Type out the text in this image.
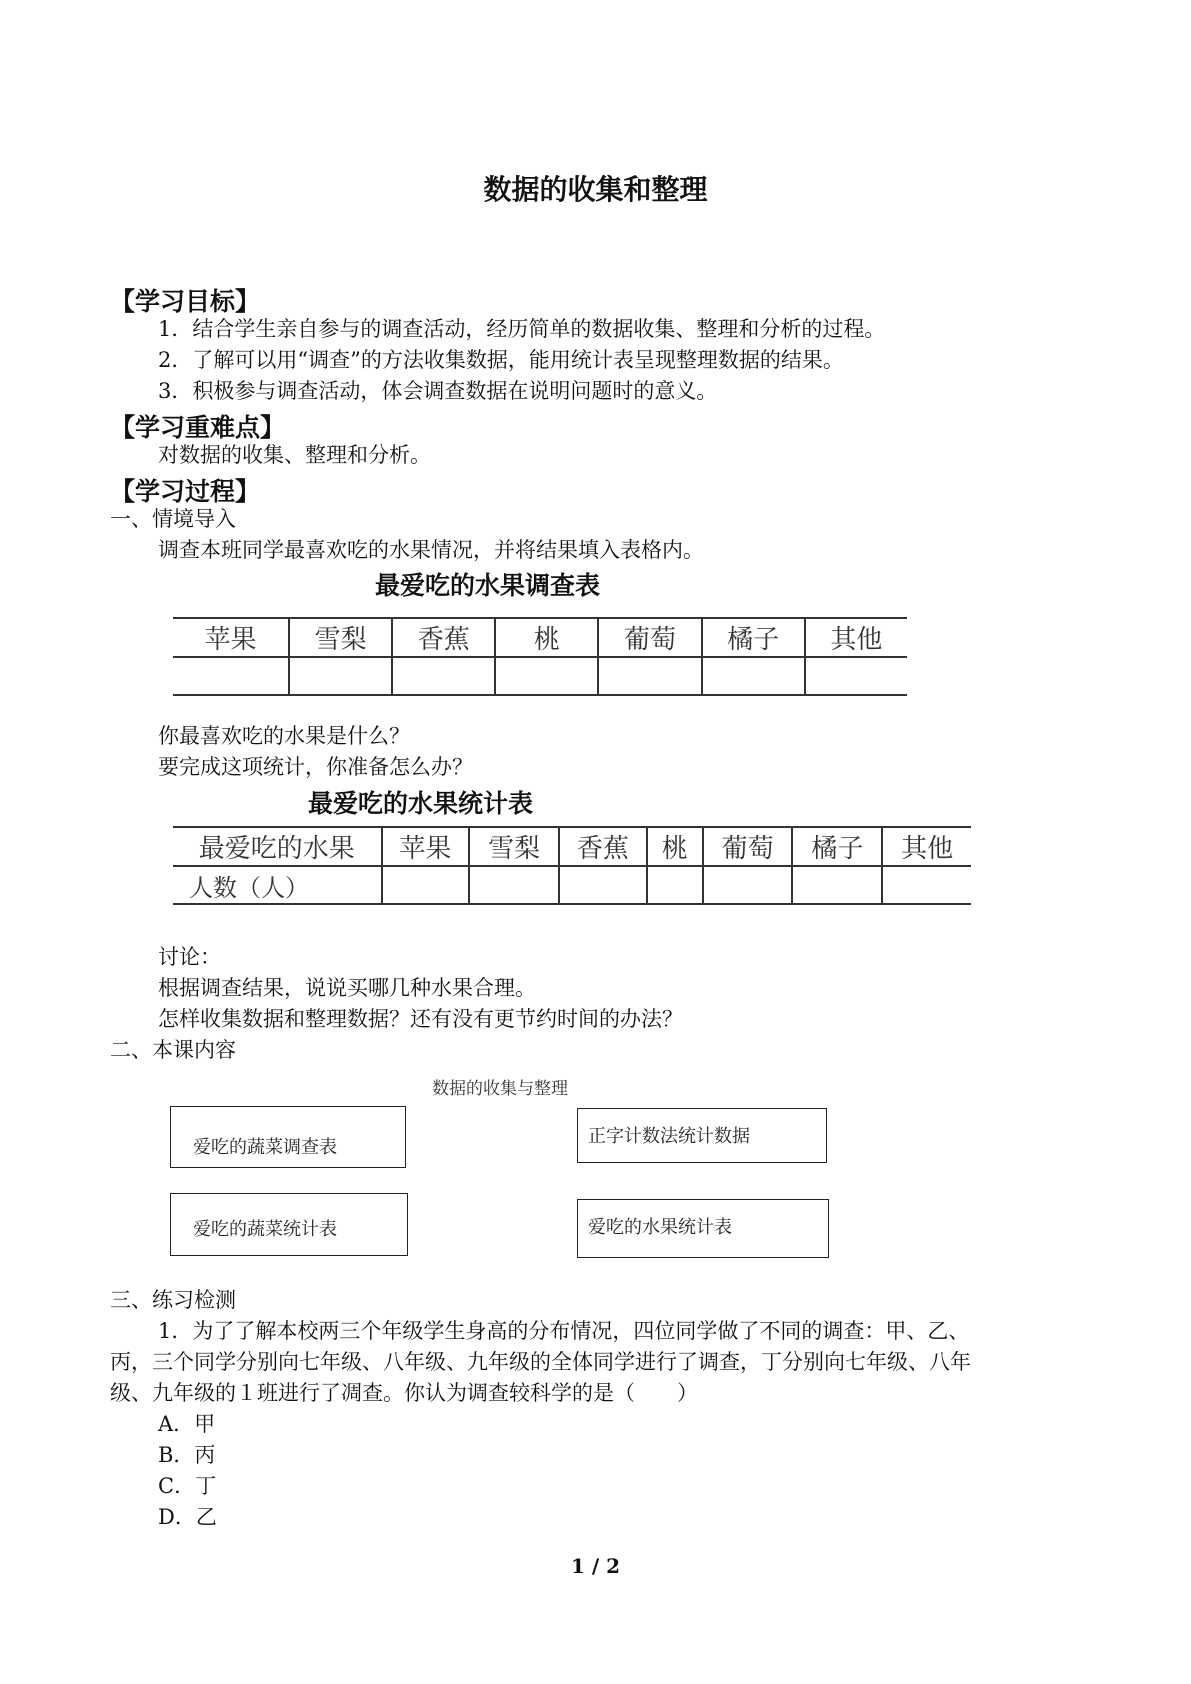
数据的收集和整理
【学习目标】
1．结合学生亲自参与的调查活动，经历简单的数据收集、整理和分析的过程。
2．了解可以用“调查”的方法收集数据，能用统计表呈现整理数据的结果。
3．积极参与调查活动，体会调查数据在说明问题时的意义。
【学习重难点】
对数据的收集、整理和分析。
【学习过程】
一、情境导入
调查本班同学最喜欢吃的水果情况，并将结果填入表格内。
最爱吃的水果调查表
苹果	雪梨	香蕉	桃	葡萄	橘子	其他

你最喜欢吃的水果是什么？
要完成这项统计，你准备怎么办？
最爱吃的水果统计表
最爱吃的水果	苹果	雪梨	香蕉	桃	葡萄	橘子	其他
人数（人）							
讨论：
根据调查结果，说说买哪几种水果合理。
怎样收集数据和整理数据？还有没有更节约时间的办法？
二、本课内容
数据的收集与整理
爱吃的蔬菜调查表
正字计数法统计数据
爱吃的蔬菜统计表	爱吃的水果统计表
三、练习检测
1．为了了解本校两三个年级学生身高的分布情况，四位同学做了不同的调查：甲、乙、
丙，三个同学分别向七年级、八年级、九年级的全体同学进行了调查，丁分别向七年级、八年
级、九年级的１班进行了凋查。你认为调查较科学的是（　　）
A．甲
B．丙
C．丁
D．乙
1 / 2
